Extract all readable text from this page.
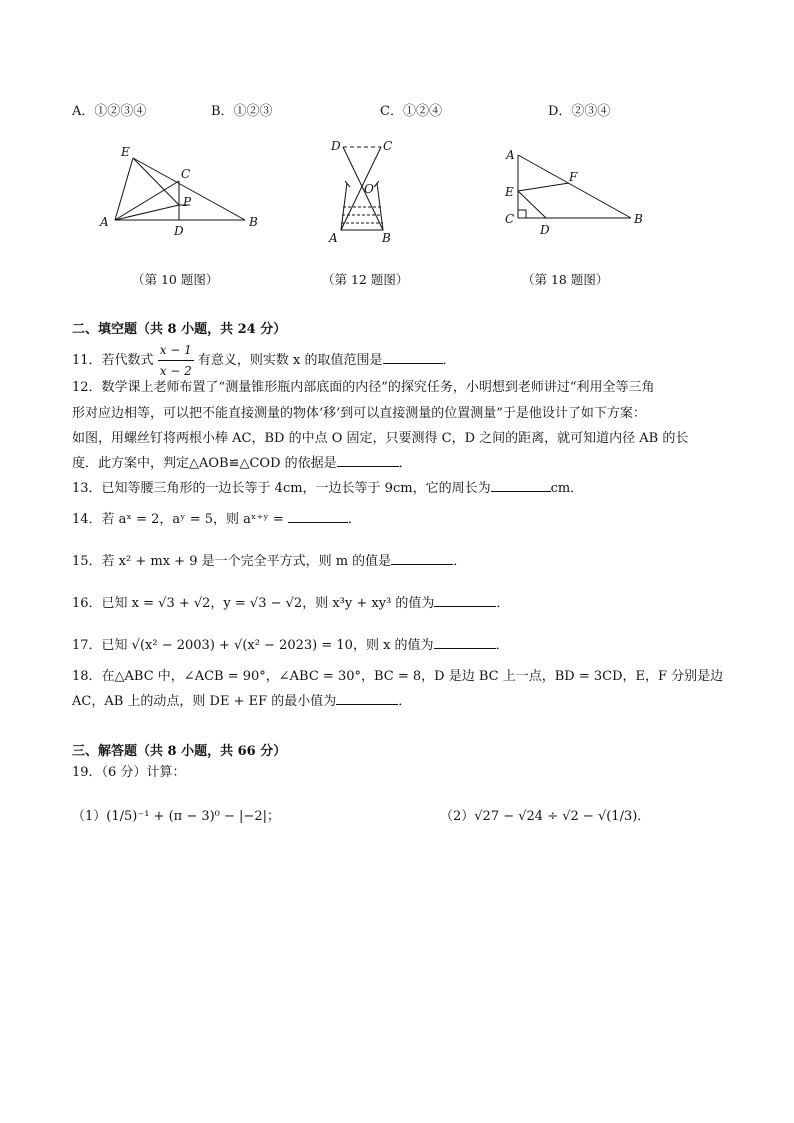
A．①②③④	B．①②③	C．①②④	D．②③④
E
C
P
A
D
B
（第 10 题图）
D	C
O
A	B
（第 12 题图）
A
F
E
C
D
B
（第 18 题图）
二、填空题（共 8 小题，共 24 分）
11．若代数式 $\frac{x - 1}{x - 2}$ 有意义，则实数 x 的取值范围是	．
12．数学课上老师布置了“测量锥形瓶内部底面的内径”的探究任务，小明想到老师讲过“利用全等三角
形对应边相等，可以把不能直接测量的物体‘移’到可以直接测量的位置测量”于是他设计了如下方案：
如图，用螺丝钉将两根小棒 AC，BD 的中点 O 固定，只要测得 C，D 之间的距离，就可知道内径 AB 的长
度．此方案中，判定△AOB≌△COD 的依据是	．
13．已知等腰三角形的一边长等于 4cm，一边长等于 9cm，它的周长为	cm．
14．若 aˣ = 2，aʸ = 5，则 aˣ⁺ʸ =	．
15．若 x² + mx + 9 是一个完全平方式，则 m 的值是	．
16．已知 x = √3 + √2，y = √3 − √2，则 x³y + xy³ 的值为	．
17．已知 √(x² − 2003) + √(x² − 2023) = 10，则 x 的值为	．
18．在△ABC 中，∠ACB = 90°，∠ABC = 30°，BC = 8，D 是边 BC 上一点，BD = 3CD，E，F 分别是边
AC，AB 上的动点，则 DE + EF 的最小值为	．
三、解答题（共 8 小题，共 66 分）
19．（6 分）计算：
（1）(1/5)⁻¹ + (π − 3)⁰ − |−2|；	（2）√27 − √24 ÷ √2 − √(1/3)．
